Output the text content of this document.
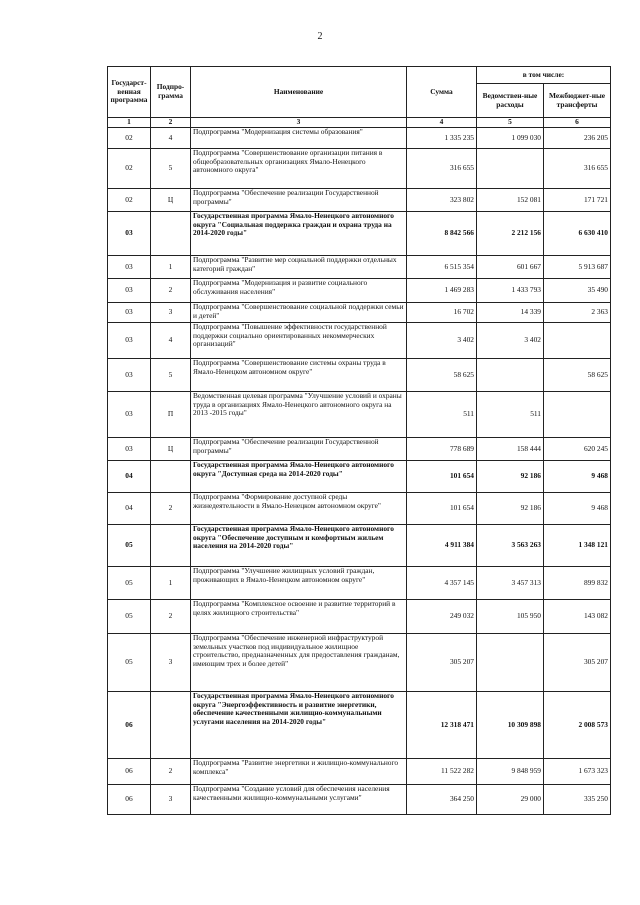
2
Государст-венная программа	Подпро-грамма	Наименование	Сумма	в том числе:	
				Ведомствен-ные расходы	Межбюджет-ные трансферты
1	2	3	4	5	6
02	4	Подпрограмма "Модернизация системы образования"	1 335 235	1 099 030	236 205
02	5	Подпрограмма "Совершенствование организации питания в общеобразовательных организациях Ямало-Ненецкого автономного округа"	316 655		316 655
02	Ц	Подпрограмма "Обеспечение реализации Государственной программы"	323 802	152 081	171 721
03		Государственная программа Ямало-Ненецкого автономного округа "Социальная поддержка граждан и охрана труда на 2014-2020 годы"	8 842 566	2 212 156	6 630 410
03	1	Подпрограмма "Развитие мер социальной поддержки отдельных категорий граждан"	6 515 354	601 667	5 913 687
03	2	Подпрограмма "Модернизация и развитие социального обслуживания населения"	1 469 283	1 433 793	35 490
03	3	Подпрограмма "Совершенствование социальной поддержки семьи и детей"	16 702	14 339	2 363
03	4	Подпрограмма "Повышение эффективности государственной поддержки социально ориентированных некоммерческих организаций"	3 402	3 402	
03	5	Подпрограмма "Совершенствование системы охраны труда в Ямало-Ненецком автономном округе"	58 625		58 625
03	П	Ведомственная целевая программа "Улучшение условий и охраны труда в организациях Ямало-Ненецкого автономного округа на 2013 -2015 годы"	511	511	
03	Ц	Подпрограмма "Обеспечение реализации Государственной программы"	778 689	158 444	620 245
04		Государственная программа Ямало-Ненецкого автономного округа "Доступная среда на 2014-2020 годы"	101 654	92 186	9 468
04	2	Подпрограмма "Формирование доступной среды жизнедеятельности в Ямало-Ненецком автономном округе"	101 654	92 186	9 468
05		Государственная программа Ямало-Ненецкого автономного округа "Обеспечение доступным и комфортным жильем населения на 2014-2020 годы"	4 911 384	3 563 263	1 348 121
05	1	Подпрограмма "Улучшение жилищных условий граждан, проживающих в Ямало-Ненецком автономном округе"	4 357 145	3 457 313	899 832
05	2	Подпрограмма "Комплексное освоение и развитие территорий в целях жилищного строительства"	249 032	105 950	143 082
05	3	Подпрограмма "Обеспечение инженерной инфраструктурой земельных участков под индивидуальное жилищное строительство, предназначенных для предоставления гражданам, имеющим трех и более детей"	305 207		305 207
06		Государственная программа Ямало-Ненецкого автономного округа "Энергоэффективность и развитие энергетики, обеспечение качественными жилищно-коммунальными услугами населения на 2014-2020 годы"	12 318 471	10 309 898	2 008 573
06	2	Подпрограмма "Развитие энергетики и жилищно-коммунального комплекса"	11 522 282	9 848 959	1 673 323
06	3	Подпрограмма "Создание условий для обеспечения населения качественными жилищно-коммунальными услугами"	364 250	29 000	335 250
